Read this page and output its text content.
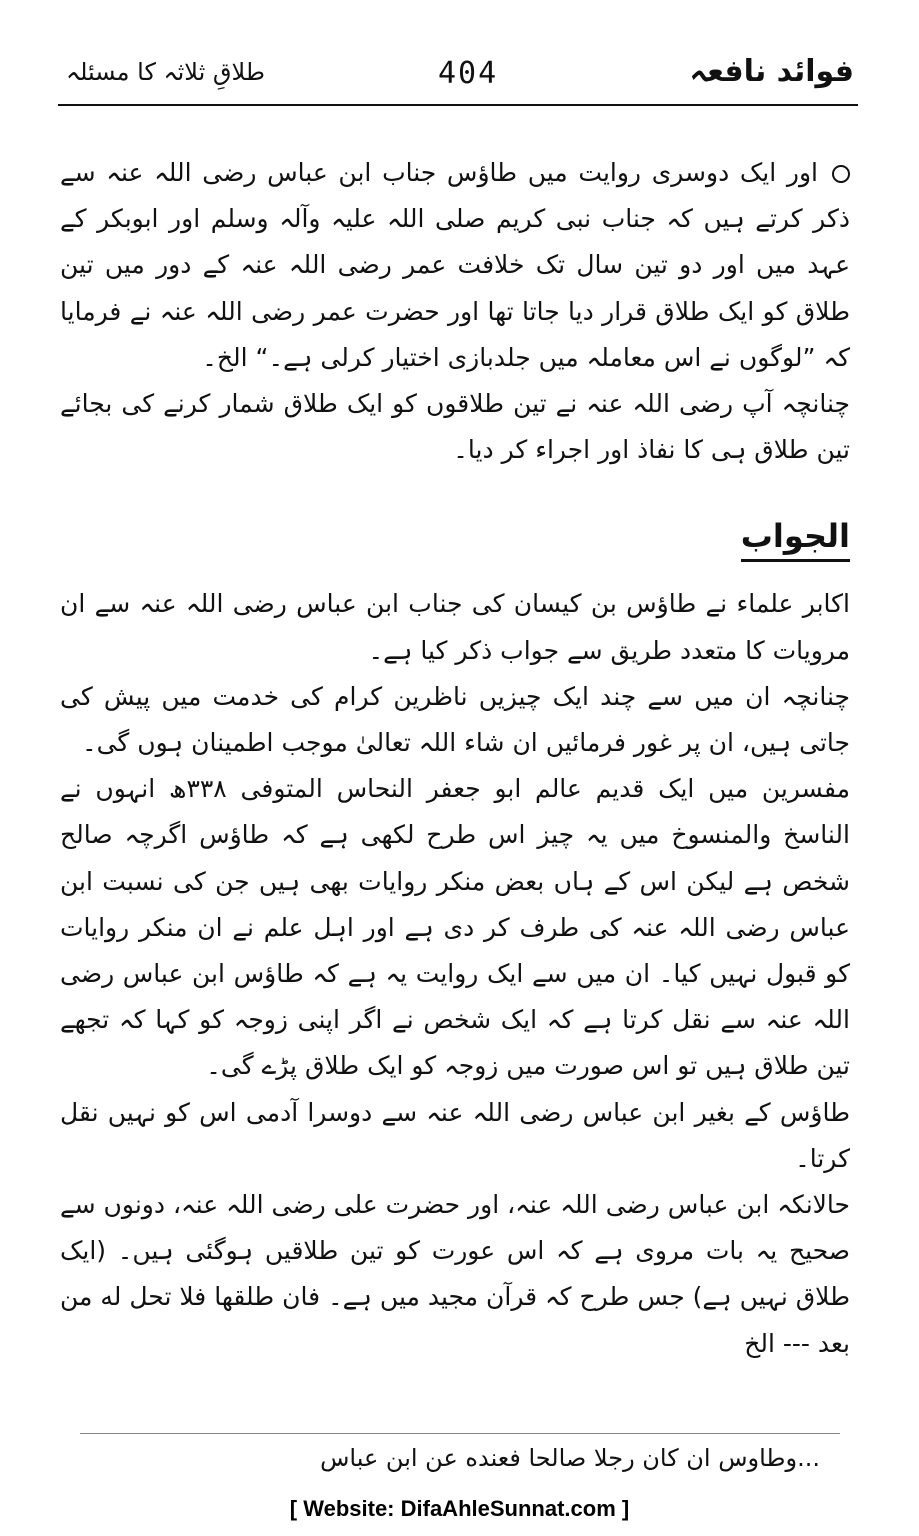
طلاقِ ثلاثہ کا مسئلہ	404	فوائد نافعہ

اور ایک دوسری روایت میں طاؤس جناب ابن عباس رضی اللہ عنہ سے ذکر کرتے ہیں کہ جناب نبی کریم صلی اللہ علیہ وآلہ وسلم اور ابوبکر کے عہد میں اور دو تین سال تک خلافت عمر رضی اللہ عنہ کے دور میں تین طلاق کو ایک طلاق قرار دیا جاتا تھا اور حضرت عمر رضی اللہ عنہ نے فرمایا کہ ”لوگوں نے اس معاملہ میں جلدبازی اختیار کرلی ہے۔“ الخ۔

چنانچہ آپ رضی اللہ عنہ نے تین طلاقوں کو ایک طلاق شمار کرنے کی بجائے تین طلاق ہی کا نفاذ اور اجراء کر دیا۔

الجواب

اکابر علماء نے طاؤس بن کیسان کی جناب ابن عباس رضی اللہ عنہ سے ان مرویات کا متعدد طریق سے جواب ذکر کیا ہے۔

چنانچہ ان میں سے چند ایک چیزیں ناظرین کرام کی خدمت میں پیش کی جاتی ہیں، ان پر غور فرمائیں ان شاء اللہ تعالیٰ موجب اطمینان ہوں گی۔

مفسرین میں ایک قدیم عالم ابو جعفر النحاس المتوفی ۳۳۸ھ انہوں نے الناسخ والمنسوخ میں یہ چیز اس طرح لکھی ہے کہ طاؤس اگرچہ صالح شخص ہے لیکن اس کے ہاں بعض منکر روایات بھی ہیں جن کی نسبت ابن عباس رضی اللہ عنہ کی طرف کر دی ہے اور اہل علم نے ان منکر روایات کو قبول نہیں کیا۔ ان میں سے ایک روایت یہ ہے کہ طاؤس ابن عباس رضی اللہ عنہ سے نقل کرتا ہے کہ ایک شخص نے اگر اپنی زوجہ کو کہا کہ تجھے تین طلاق ہیں تو اس صورت میں زوجہ کو ایک طلاق پڑے گی۔

طاؤس کے بغیر ابن عباس رضی اللہ عنہ سے دوسرا آدمی اس کو نہیں نقل کرتا۔

حالانکہ ابن عباس رضی اللہ عنہ، اور حضرت علی رضی اللہ عنہ، دونوں سے صحیح یہ بات مروی ہے کہ اس عورت کو تین طلاقیں ہوگئی ہیں۔ (ایک طلاق نہیں ہے) جس طرح کہ قرآن مجید میں ہے۔ فان طلقها فلا تحل له من بعد --- الخ

...وطاوس ان کان رجلا صالحا فعنده عن ابن عباس
[ Website: DifaAhleSunnat.com ]
